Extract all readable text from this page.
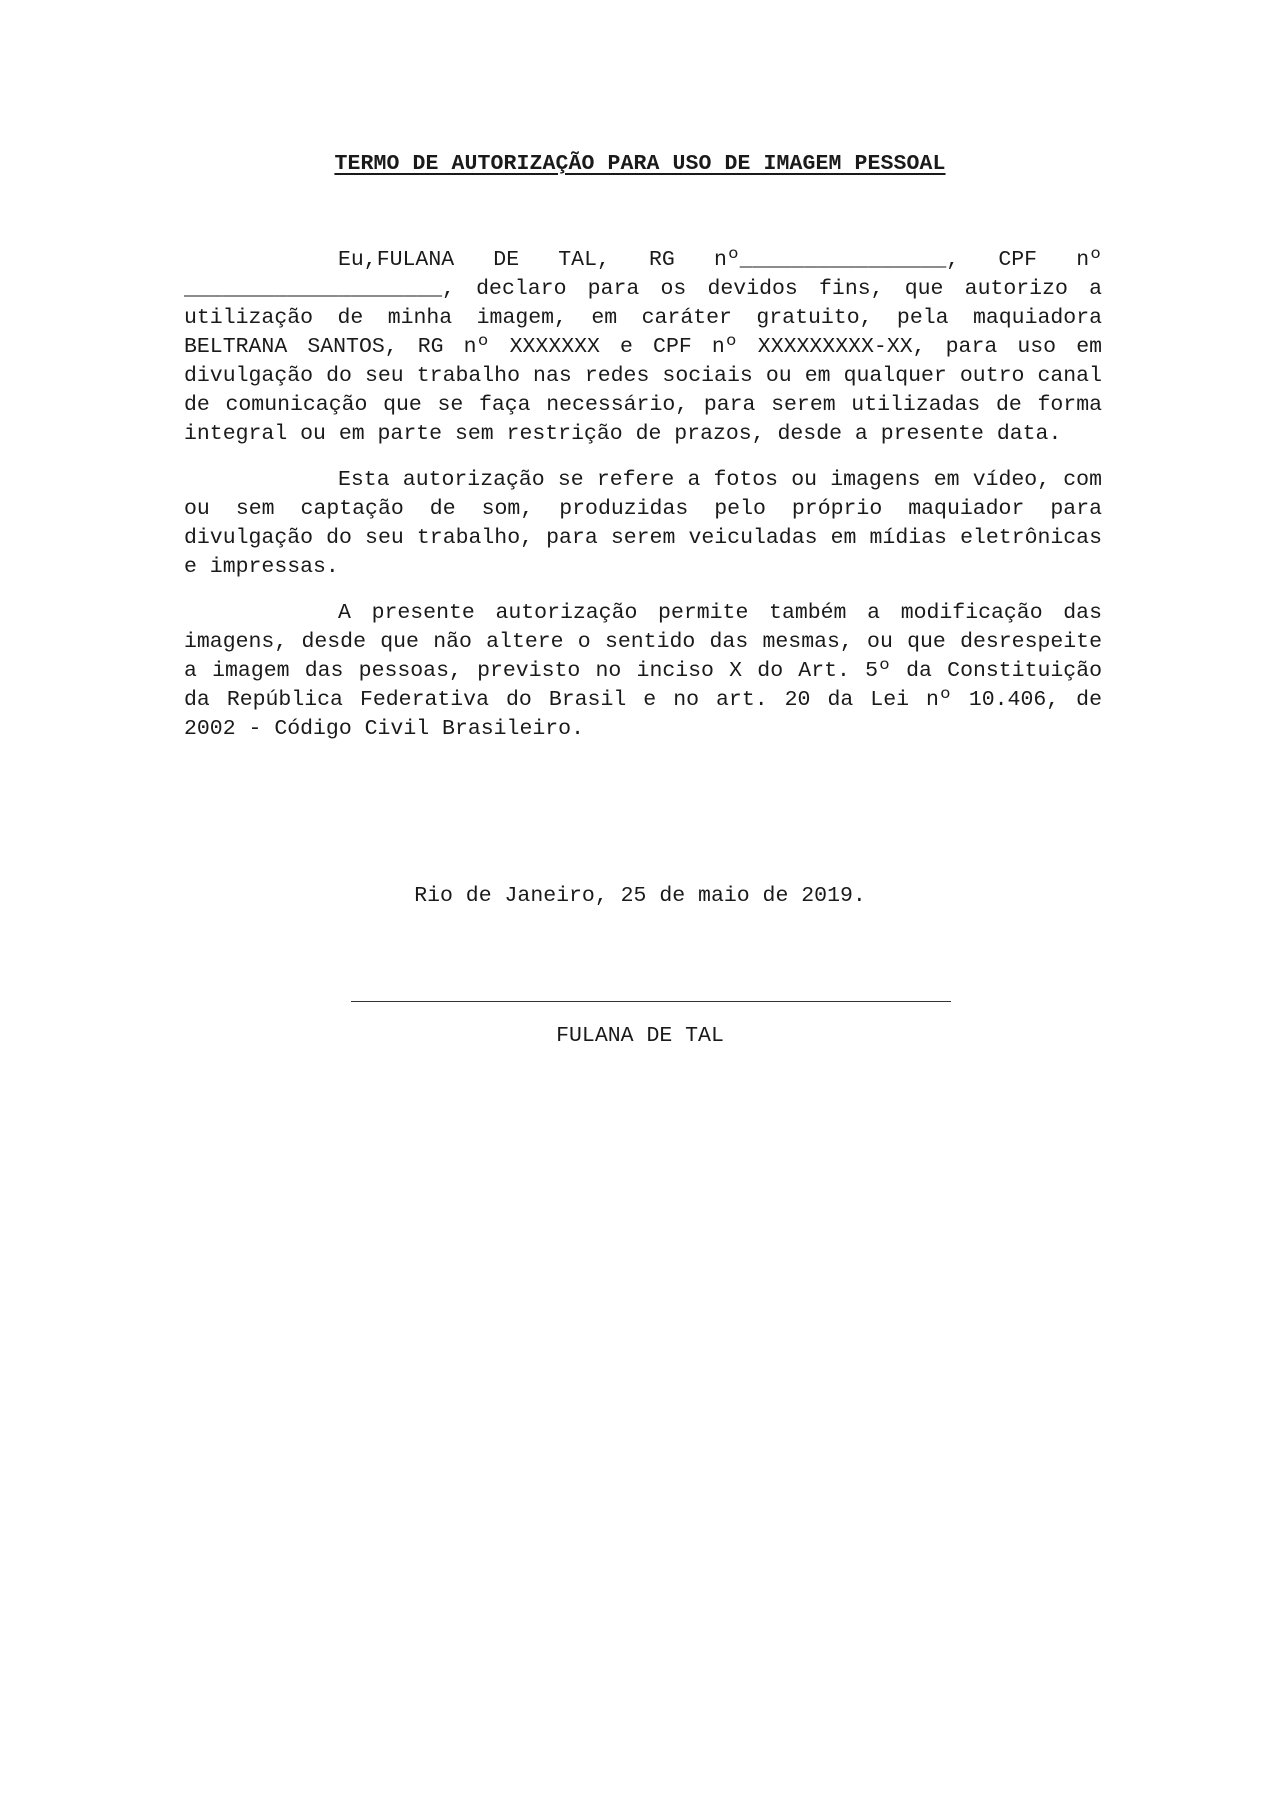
TERMO DE AUTORIZAÇÃO PARA USO DE IMAGEM PESSOAL

Eu,FULANA DE TAL, RG nº________________, CPF nº ____________________, declaro para os devidos fins, que autorizo a utilização de minha imagem, em caráter gratuito, pela maquiadora BELTRANA SANTOS, RG nº XXXXXXX e CPF nº XXXXXXXXX-XX, para uso em divulgação do seu trabalho nas redes sociais ou em qualquer outro canal de comunicação que se faça necessário, para serem utilizadas de forma integral ou em parte sem restrição de prazos, desde a presente data.

Esta autorização se refere a fotos ou imagens em vídeo, com ou sem captação de som, produzidas pelo próprio maquiador para divulgação do seu trabalho, para serem veiculadas em mídias eletrônicas e impressas.

A presente autorização permite também a modificação das imagens, desde que não altere o sentido das mesmas, ou que desrespeite a imagem das pessoas, previsto no inciso X do Art. 5º da Constituição da República Federativa do Brasil e no art. 20 da Lei nº 10.406, de 2002 - Código Civil Brasileiro.

Rio de Janeiro, 25 de maio de 2019.
FULANA DE TAL
